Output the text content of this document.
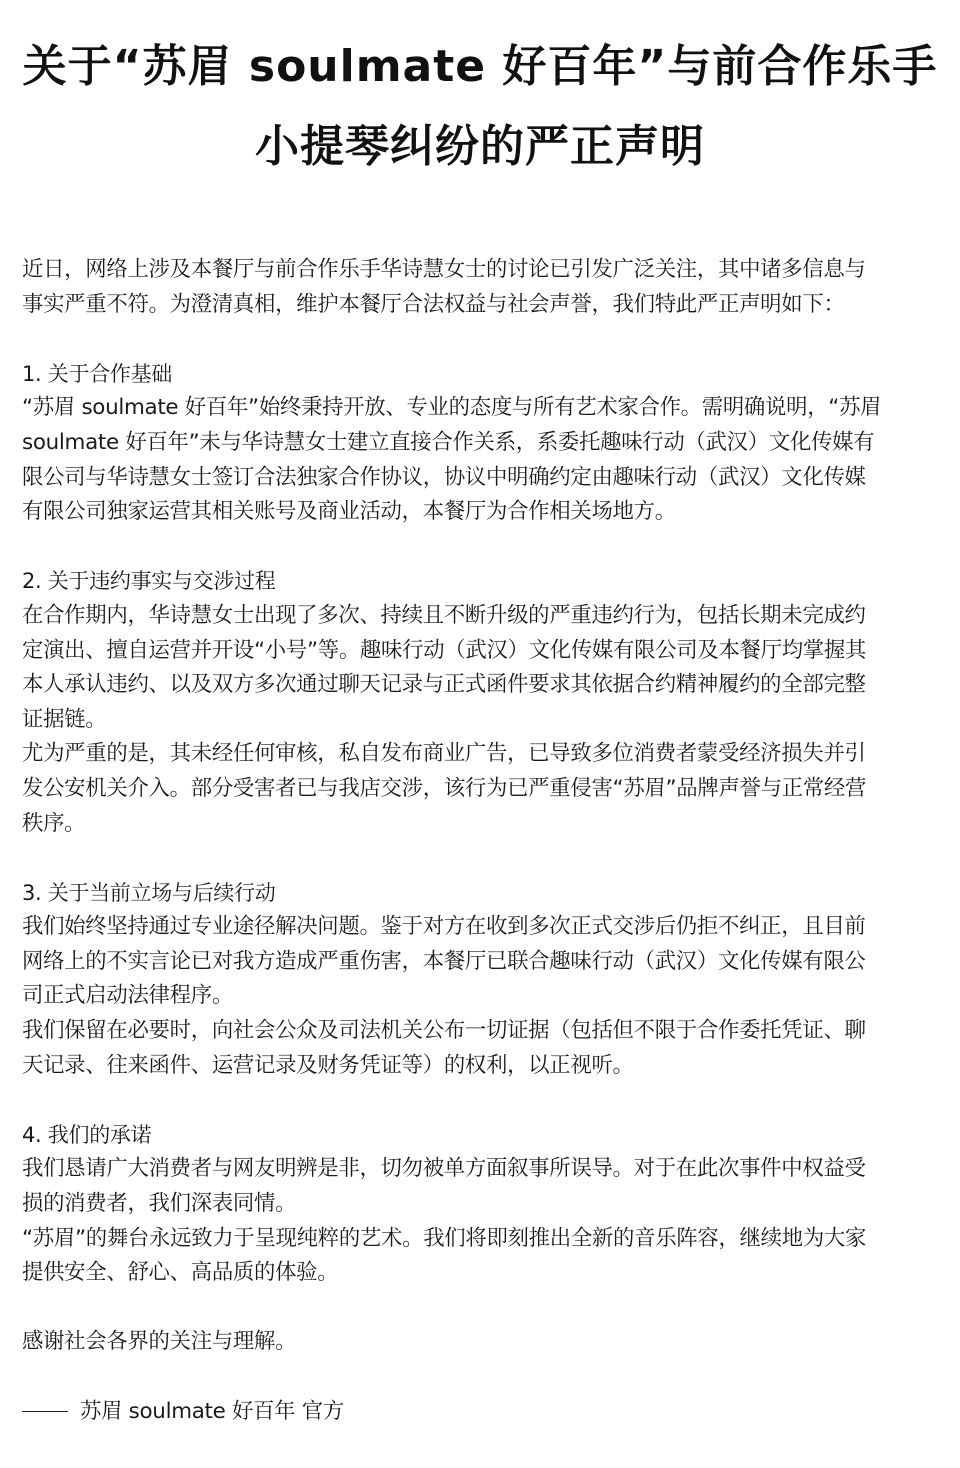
关于“苏眉 soulmate 好百年”与前合作乐手
小提琴纠纷的严正声明
近日，网络上涉及本餐厅与前合作乐手华诗慧女士的讨论已引发广泛关注，其中诸多信息与
事实严重不符。为澄清真相，维护本餐厅合法权益与社会声誉，我们特此严正声明如下：
1. 关于合作基础
“苏眉 soulmate 好百年”始终秉持开放、专业的态度与所有艺术家合作。需明确说明，“苏眉
soulmate 好百年”未与华诗慧女士建立直接合作关系，系委托趣味行动（武汉）文化传媒有
限公司与华诗慧女士签订合法独家合作协议，协议中明确约定由趣味行动（武汉）文化传媒
有限公司独家运营其相关账号及商业活动，本餐厅为合作相关场地方。
2. 关于违约事实与交涉过程
在合作期内，华诗慧女士出现了多次、持续且不断升级的严重违约行为，包括长期未完成约
定演出、擅自运营并开设“小号”等。趣味行动（武汉）文化传媒有限公司及本餐厅均掌握其
本人承认违约、以及双方多次通过聊天记录与正式函件要求其依据合约精神履约的全部完整
证据链。
尤为严重的是，其未经任何审核，私自发布商业广告，已导致多位消费者蒙受经济损失并引
发公安机关介入。部分受害者已与我店交涉，该行为已严重侵害“苏眉”品牌声誉与正常经营
秩序。
3. 关于当前立场与后续行动
我们始终坚持通过专业途径解决问题。鉴于对方在收到多次正式交涉后仍拒不纠正，且目前
网络上的不实言论已对我方造成严重伤害，本餐厅已联合趣味行动（武汉）文化传媒有限公
司正式启动法律程序。
我们保留在必要时，向社会公众及司法机关公布一切证据（包括但不限于合作委托凭证、聊
天记录、往来函件、运营记录及财务凭证等）的权利，以正视听。
4. 我们的承诺
我们恳请广大消费者与网友明辨是非，切勿被单方面叙事所误导。对于在此次事件中权益受
损的消费者，我们深表同情。
“苏眉”的舞台永远致力于呈现纯粹的艺术。我们将即刻推出全新的音乐阵容，继续地为大家
提供安全、舒心、高品质的体验。
感谢社会各界的关注与理解。
苏眉 soulmate 好百年 官方
